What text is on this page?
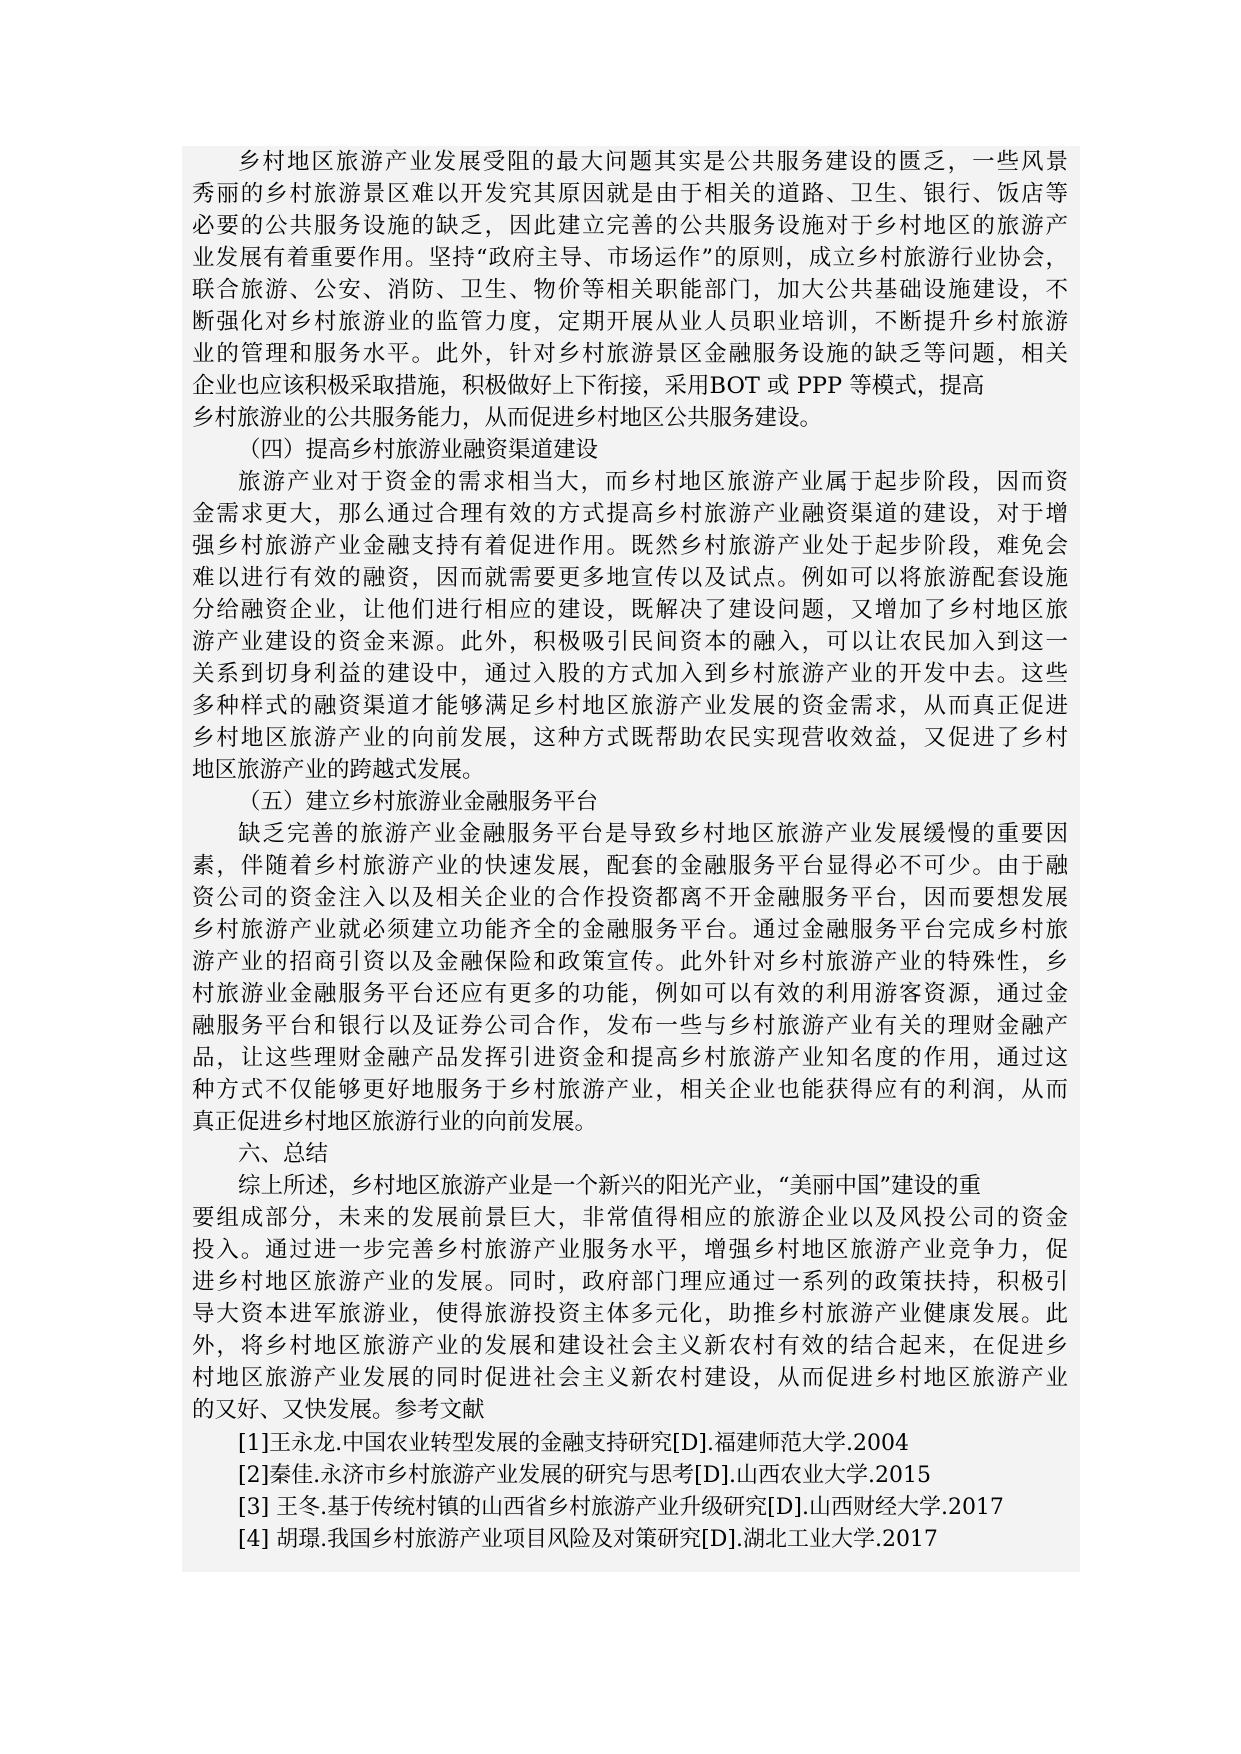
乡村地区旅游产业发展受阻的最大问题其实是公共服务建设的匮乏，一些风景
秀丽的乡村旅游景区难以开发究其原因就是由于相关的道路、卫生、银行、饭店等
必要的公共服务设施的缺乏，因此建立完善的公共服务设施对于乡村地区的旅游产
业发展有着重要作用。坚持“政府主导、市场运作”的原则，成立乡村旅游行业协会，
联合旅游、公安、消防、卫生、物价等相关职能部门，加大公共基础设施建设，不
断强化对乡村旅游业的监管力度，定期开展从业人员职业培训，不断提升乡村旅游
业的管理和服务水平。此外，针对乡村旅游景区金融服务设施的缺乏等问题，相关
企业也应该积极采取措施，积极做好上下衔接，采用BOT 或 PPP 等模式，提高
乡村旅游业的公共服务能力，从而促进乡村地区公共服务建设。
（四）提高乡村旅游业融资渠道建设
旅游产业对于资金的需求相当大，而乡村地区旅游产业属于起步阶段，因而资
金需求更大，那么通过合理有效的方式提高乡村旅游产业融资渠道的建设，对于增
强乡村旅游产业金融支持有着促进作用。既然乡村旅游产业处于起步阶段，难免会
难以进行有效的融资，因而就需要更多地宣传以及试点。例如可以将旅游配套设施
分给融资企业，让他们进行相应的建设，既解决了建设问题，又增加了乡村地区旅
游产业建设的资金来源。此外，积极吸引民间资本的融入，可以让农民加入到这一
关系到切身利益的建设中，通过入股的方式加入到乡村旅游产业的开发中去。这些
多种样式的融资渠道才能够满足乡村地区旅游产业发展的资金需求，从而真正促进
乡村地区旅游产业的向前发展，这种方式既帮助农民实现营收效益，又促进了乡村
地区旅游产业的跨越式发展。
（五）建立乡村旅游业金融服务平台
缺乏完善的旅游产业金融服务平台是导致乡村地区旅游产业发展缓慢的重要因
素，伴随着乡村旅游产业的快速发展，配套的金融服务平台显得必不可少。由于融
资公司的资金注入以及相关企业的合作投资都离不开金融服务平台，因而要想发展
乡村旅游产业就必须建立功能齐全的金融服务平台。通过金融服务平台完成乡村旅
游产业的招商引资以及金融保险和政策宣传。此外针对乡村旅游产业的特殊性，乡
村旅游业金融服务平台还应有更多的功能，例如可以有效的利用游客资源，通过金
融服务平台和银行以及证券公司合作，发布一些与乡村旅游产业有关的理财金融产
品，让这些理财金融产品发挥引进资金和提高乡村旅游产业知名度的作用，通过这
种方式不仅能够更好地服务于乡村旅游产业，相关企业也能获得应有的利润，从而
真正促进乡村地区旅游行业的向前发展。
六、总结
综上所述，乡村地区旅游产业是一个新兴的阳光产业，“美丽中国”建设的重
要组成部分，未来的发展前景巨大，非常值得相应的旅游企业以及风投公司的资金
投入。通过进一步完善乡村旅游产业服务水平，增强乡村地区旅游产业竞争力，促
进乡村地区旅游产业的发展。同时，政府部门理应通过一系列的政策扶持，积极引
导大资本进军旅游业，使得旅游投资主体多元化，助推乡村旅游产业健康发展。此
外，将乡村地区旅游产业的发展和建设社会主义新农村有效的结合起来，在促进乡
村地区旅游产业发展的同时促进社会主义新农村建设，从而促进乡村地区旅游产业
的又好、又快发展。参考文献
[1]王永龙.中国农业转型发展的金融支持研究[D].福建师范大学.2004
[2]秦佳.永济市乡村旅游产业发展的研究与思考[D].山西农业大学.2015
[3] 王冬.基于传统村镇的山西省乡村旅游产业升级研究[D].山西财经大学.2017
[4] 胡璟.我国乡村旅游产业项目风险及对策研究[D].湖北工业大学.2017
